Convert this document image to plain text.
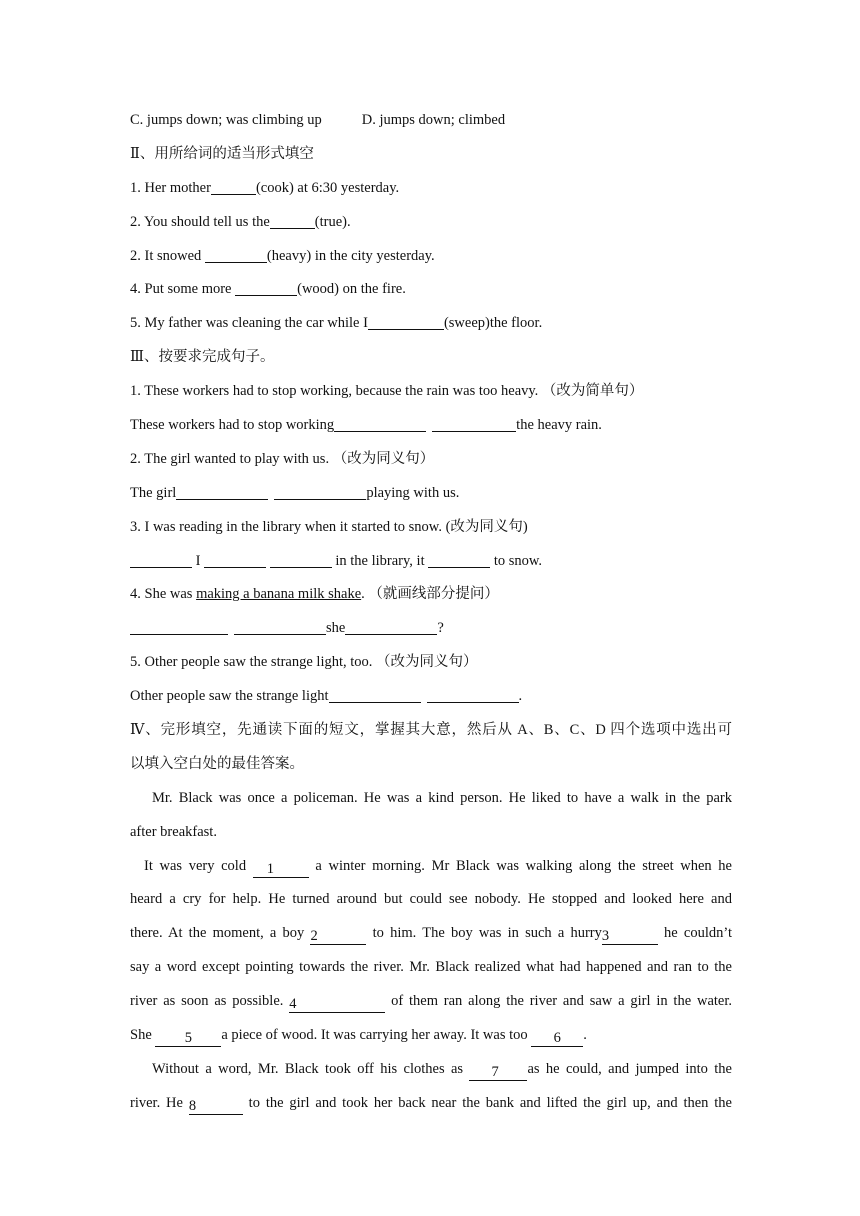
C. jumps down; was climbing up	D. jumps down; climbed
Ⅱ、用所给词的适当形式填空
1. Her mother	(cook) at 6:30 yesterday.
2. You should tell us the	(true).
2. It snowed	(heavy) in the city yesterday.
4. Put some more	(wood) on the fire.
5. My father was cleaning the car while I	(sweep)the floor.
Ⅲ、按要求完成句子。
1. These workers had to stop working, because the rain was too heavy. （改为简单句）
These workers had to stop working	the heavy rain.
2. The girl wanted to play with us. （改为同义句）
The girl	playing with us.
3. I was reading in the library when it started to snow. (改为同义句)
I	in the library, it	to snow.
4. She was making a banana milk shake. （就画线部分提问）
she	?
5. Other people saw the strange light, too. （改为同义句）
Other people saw the strange light	.
Ⅳ、完形填空，先通读下面的短文，掌握其大意，然后从 A、B、C、D 四个选项中选出可
以填入空白处的最佳答案。
Mr. Black was once a policeman. He was a kind person. He liked to have a walk in the park
after breakfast.
It was very cold 1 a winter morning. Mr Black was walking along the street when he
heard a cry for help. He turned around but could see nobody. He stopped and looked here and
there. At the moment, a boy 2	to him. The boy was in such a hurry3	he couldn’t
say a word except pointing towards the river. Mr. Black realized what had happened and ran to the
river as soon as possible. 4	of them ran along the river and saw a girl in the water.
She 5 a piece of wood. It was carrying her away. It was too 6 .
Without a word, Mr. Black took off his clothes as 7 as he could, and jumped into the
river. He 8	to the girl and took her back near the bank and lifted the girl up, and then the
